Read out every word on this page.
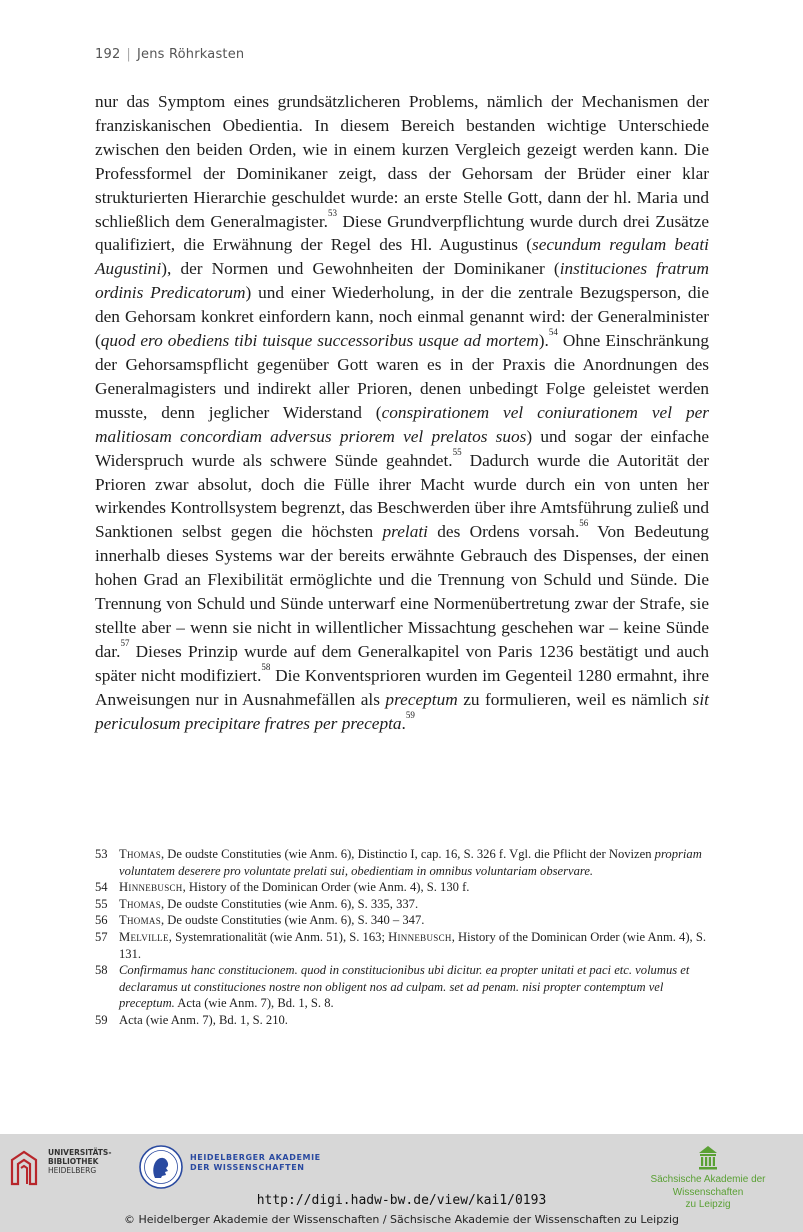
192 | Jens Röhrkasten

nur das Symptom eines grundsätzlicheren Problems, nämlich der Mechanismen der franziskanischen Obedientia. In diesem Bereich bestanden wichtige Unterschiede zwischen den beiden Orden, wie in einem kurzen Vergleich gezeigt werden kann. Die Professformel der Dominikaner zeigt, dass der Gehorsam der Brüder einer klar strukturierten Hierarchie geschuldet wurde: an erste Stelle Gott, dann der hl. Maria und schließlich dem Generalmagister.$^{53}$ Diese Grundverpflichtung wurde durch drei Zusätze qualifiziert, die Erwähnung der Regel des Hl. Augustinus (secundum regulam beati Augustini), der Normen und Gewohnheiten der Dominikaner (instituciones fratrum ordinis Predicatorum) und einer Wiederholung, in der die zentrale Bezugsperson, die den Gehorsam konkret einfordern kann, noch einmal genannt wird: der Generalminister (quod ero obediens tibi tuisque successoribus usque ad mortem).$^{54}$ Ohne Einschränkung der Gehorsamspflicht gegenüber Gott waren es in der Praxis die Anordnungen des Generalmagisters und indirekt aller Prioren, denen unbedingt Folge geleistet werden musste, denn jeglicher Widerstand (conspirationem vel coniurationem vel per malitiosam concordiam adversus priorem vel prelatos suos) und sogar der einfache Widerspruch wurde als schwere Sünde geahndet.$^{55}$ Dadurch wurde die Autorität der Prioren zwar absolut, doch die Fülle ihrer Macht wurde durch ein von unten her wirkendes Kontrollsystem begrenzt, das Beschwerden über ihre Amtsführung zuließ und Sanktionen selbst gegen die höchsten prelati des Ordens vorsah.$^{56}$ Von Bedeutung innerhalb dieses Systems war der bereits erwähnte Gebrauch des Dispenses, der einen hohen Grad an Flexibilität ermöglichte und die Trennung von Schuld und Sünde. Die Trennung von Schuld und Sünde unterwarf eine Normenübertretung zwar der Strafe, sie stellte aber – wenn sie nicht in willentlicher Missachtung geschehen war – keine Sünde dar.$^{57}$ Dieses Prinzip wurde auf dem Generalkapitel von Paris 1236 bestätigt und auch später nicht modifiziert.$^{58}$ Die Konventsprioren wurden im Gegenteil 1280 ermahnt, ihre Anweisungen nur in Ausnahmefällen als preceptum zu formulieren, weil es nämlich sit periculosum precipitare fratres per precepta.$^{59}$

53 Thomas, De oudste Constituties (wie Anm. 6), Distinctio I, cap. 16, S. 326 f. Vgl. die Pflicht der Novizen propriam voluntatem deserere pro voluntate prelati sui, obedientiam in omnibus voluntariam observare.

54 Hinnebusch, History of the Dominican Order (wie Anm. 4), S. 130 f.

55 Thomas, De oudste Constituties (wie Anm. 6), S. 335, 337.

56 Thomas, De oudste Constituties (wie Anm. 6), S. 340 – 347.

57 Melville, Systemrationalität (wie Anm. 51), S. 163; Hinnebusch, History of the Dominican Order (wie Anm. 4), S. 131.

58 Confirmamus hanc constitucionem. quod in constitucionibus ubi dicitur. ea propter unitati et paci etc. volumus et declaramus ut constituciones nostre non obligent nos ad culpam. set ad penam. nisi propter contemptum vel preceptum. Acta (wie Anm. 7), Bd. 1, S. 8.

59 Acta (wie Anm. 7), Bd. 1, S. 210.

UNIVERSITÄTS-
BIBLIOTHEK
HEIDELBERG
HEIDELBERGER AKADEMIE
DER WISSENSCHAFTEN
Sächsische Akademie der Wissenschaften
zu Leipzig
http://digi.hadw-bw.de/view/kai1/0193
© Heidelberger Akademie der Wissenschaften / Sächsische Akademie der Wissenschaften zu Leipzig
